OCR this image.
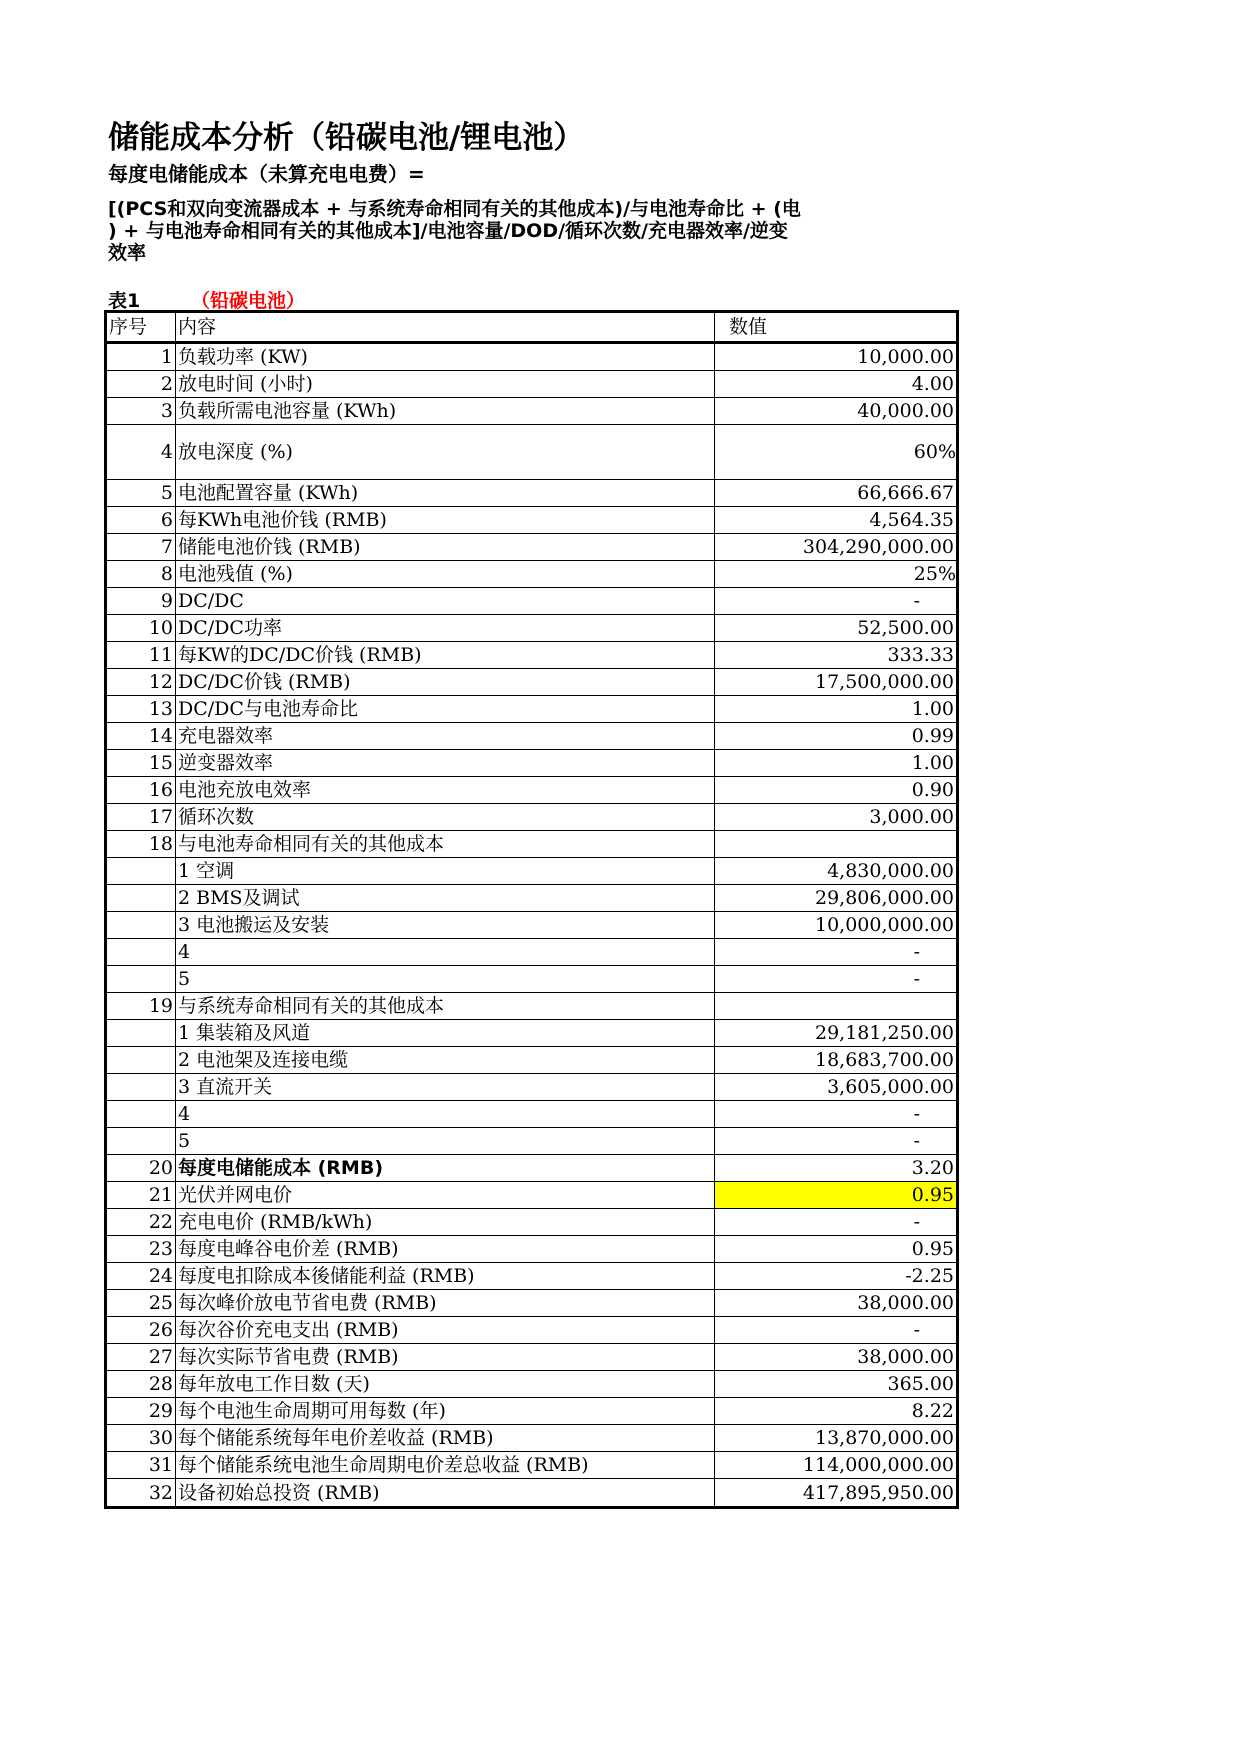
储能成本分析（铅碳电池/锂电池）
每度电储能成本（未算充电电费）=
[(PCS和双向变流器成本 + 与系统寿命相同有关的其他成本)/与电池寿命比 + (电
) + 与电池寿命相同有关的其他成本]/电池容量/DOD/循环次数/充电器效率/逆变
效率
表1	（铅碳电池）
序号	内容	数值
1	负载功率 (KW)	10,000.00
2	放电时间 (小时)	4.00
3	负载所需电池容量 (KWh)	40,000.00
4	放电深度 (%)	60%
5	电池配置容量 (KWh)	66,666.67
6	每KWh电池价钱 (RMB)	4,564.35
7	储能电池价钱 (RMB)	304,290,000.00
8	电池残值 (%)	25%
9	DC/DC	-
10	DC/DC功率	52,500.00
11	每KW的DC/DC价钱 (RMB)	333.33
12	DC/DC价钱 (RMB)	17,500,000.00
13	DC/DC与电池寿命比	1.00
14	充电器效率	0.99
15	逆变器效率	1.00
16	电池充放电效率	0.90
17	循环次数	3,000.00
18	与电池寿命相同有关的其他成本	
	1 空调	4,830,000.00
	2 BMS及调试	29,806,000.00
	3 电池搬运及安装	10,000,000.00
	4	-
	5	-
19	与系统寿命相同有关的其他成本	
	1 集装箱及风道	29,181,250.00
	2 电池架及连接电缆	18,683,700.00
	3 直流开关	3,605,000.00
	4	-
	5	-
20	每度电储能成本 (RMB)	3.20
21	光伏并网电价	0.95
22	充电电价 (RMB/kWh)	-
23	每度电峰谷电价差 (RMB)	0.95
24	每度电扣除成本後储能利益 (RMB)	-2.25
25	每次峰价放电节省电费 (RMB)	38,000.00
26	每次谷价充电支出 (RMB)	-
27	每次实际节省电费 (RMB)	38,000.00
28	每年放电工作日数 (天)	365.00
29	每个电池生命周期可用每数 (年)	8.22
30	每个储能系统每年电价差收益 (RMB)	13,870,000.00
31	每个储能系统电池生命周期电价差总收益 (RMB)	114,000,000.00
32	设备初始总投资 (RMB)	417,895,950.00
